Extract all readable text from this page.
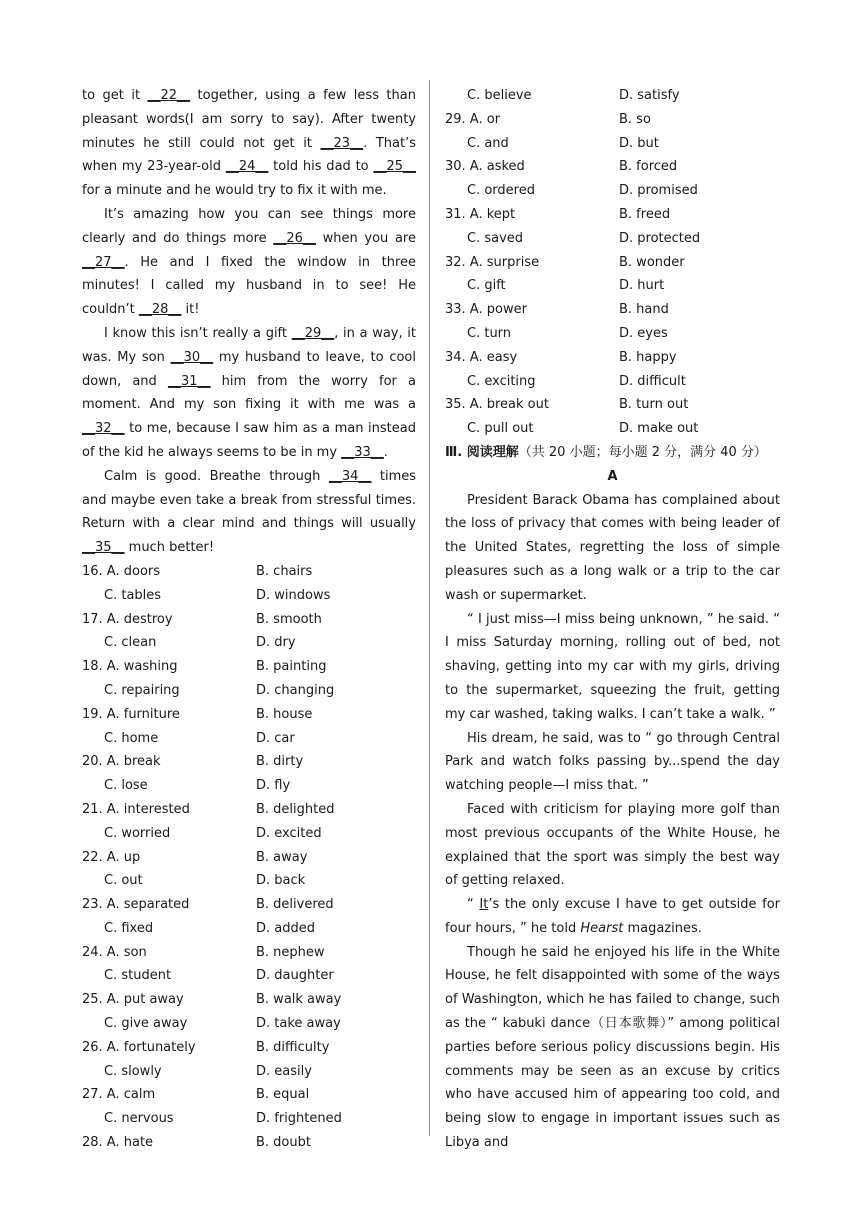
to get it __22__ together, using a few less than pleasant words(I am sorry to say). After twenty minutes he still could not get it __23__. That’s when my 23-year-old __24__ told his dad to __25__ for a minute and he would try to fix it with me.

It’s amazing how you can see things more clearly and do things more __26__ when you are __27__. He and I fixed the window in three minutes! I called my husband in to see! He couldn’t __28__ it!

I know this isn’t really a gift __29__, in a way, it was. My son __30__ my husband to leave, to cool down, and __31__ him from the worry for a moment. And my son fixing it with me was a __32__ to me, because I saw him as a man instead of the kid he always seems to be in my __33__.

Calm is good. Breathe through __34__ times and maybe even take a break from stressful times. Return with a clear mind and things will usually __35__ much better!

16. A. doors	B. chairs
C. tables	D. windows
17. A. destroy	B. smooth
C. clean	D. dry
18. A. washing	B. painting
C. repairing	D. changing
19. A. furniture	B. house
C. home	D. car
20. A. break	B. dirty
C. lose	D. fly
21. A. interested	B. delighted
C. worried	D. excited
22. A. up	B. away
C. out	D. back
23. A. separated	B. delivered
C. fixed	D. added
24. A. son	B. nephew
C. student	D. daughter
25. A. put away	B. walk away
C. give away	D. take away
26. A. fortunately	B. difficulty
C. slowly	D. easily
27. A. calm	B. equal
C. nervous	D. frightened
28. A. hate	B. doubt
C. believe	D. satisfy
29. A. or	B. so
C. and	D. but
30. A. asked	B. forced
C. ordered	D. promised
31. A. kept	B. freed
C. saved	D. protected
32. A. surprise	B. wonder
C. gift	D. hurt
33. A. power	B. hand
C. turn	D. eyes
34. A. easy	B. happy
C. exciting	D. difficult
35. A. break out	B. turn out
C. pull out	D. make out
Ⅲ. 阅读理解（共 20 小题；每小题 2 分，满分 40 分）
A

President Barack Obama has complained about the loss of privacy that comes with being leader of the United States, regretting the loss of simple pleasures such as a long walk or a trip to the car wash or supermarket.

“ I just miss—I miss being unknown, ” he said. “ I miss Saturday morning, rolling out of bed, not shaving, getting into my car with my girls, driving to the supermarket, squeezing the fruit, getting my car washed, taking walks. I can’t take a walk. ”

His dream, he said, was to “ go through Central Park and watch folks passing by...spend the day watching people—I miss that. ”

Faced with criticism for playing more golf than most previous occupants of the White House, he explained that the sport was simply the best way of getting relaxed.

“ It’s the only excuse I have to get outside for four hours, ” he told Hearst magazines.

Though he said he enjoyed his life in the White House, he felt disappointed with some of the ways of Washington, which he has failed to change, such as the “ kabuki dance（日本歌舞）” among political parties before serious policy discussions begin. His comments may be seen as an excuse by critics who have accused him of appearing too cold, and being slow to engage in important issues such as Libya and
